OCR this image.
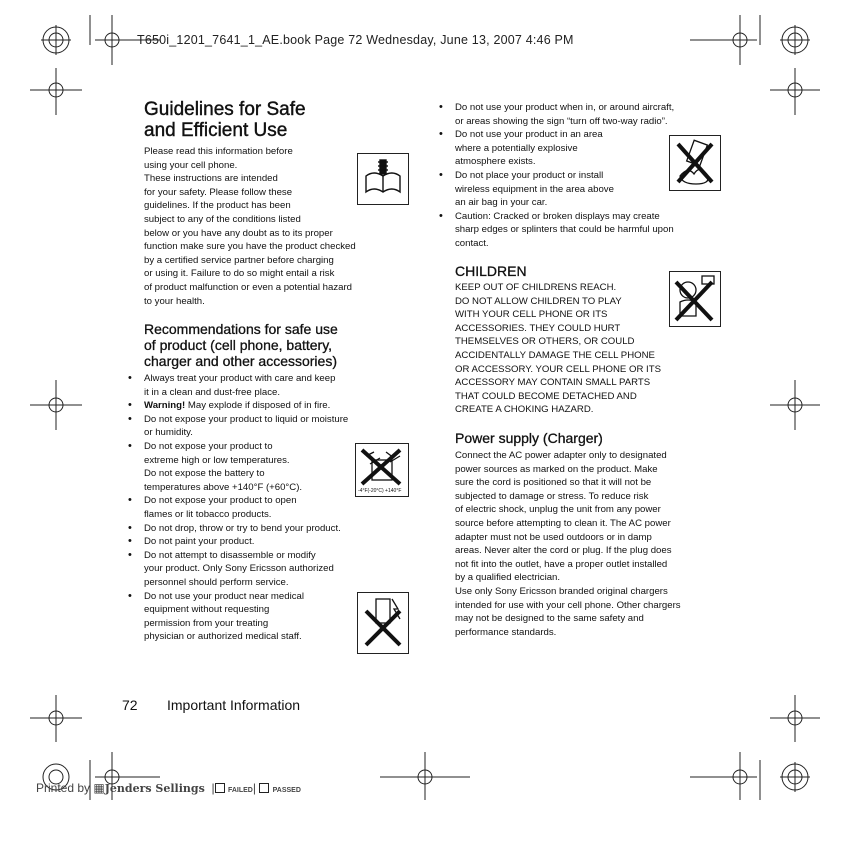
T650i_1201_7641_1_AE.book Page 72 Wednesday, June 13, 2007 4:46 PM
Guidelines for Safe
and Efficient Use

Please read this information before

using your cell phone.

These instructions are intended

for your safety. Please follow these

guidelines. If the product has been

subject to any of the conditions listed

below or you have any doubt as to its proper

function make sure you have the product checked

by a certified service partner before charging

or using it. Failure to do so might entail a risk

of product malfunction or even a potential hazard

to your health.

Recommendations for safe use
of product (cell phone, battery,
charger and other accessories)
• Always treat your product with care and keep
it in a clean and dust-free place.
• Warning! May explode if disposed of in fire.
• Do not expose your product to liquid or moisture
or humidity.
• Do not expose your product to
extreme high or low temperatures.
Do not expose the battery to
temperatures above +140°F (+60°C).
• Do not expose your product to open
flames or lit tobacco products.
• Do not drop, throw or try to bend your product.
• Do not paint your product.
• Do not attempt to disassemble or modify
your product. Only Sony Ericsson authorized
personnel should perform service.
• Do not use your product near medical
equipment without requesting
permission from your treating
physician or authorized medical staff.
-4°F(-20°C) +140°F
• Do not use your product when in, or around aircraft,
or areas showing the sign “turn off two-way radio”.
• Do not use your product in an area
where a potentially explosive
atmosphere exists.
• Do not place your product or install
wireless equipment in the area above
an air bag in your car.
• Caution: Cracked or broken displays may create
sharp edges or splinters that could be harmful upon
contact.
CHILDREN

KEEP OUT OF CHILDRENS REACH.

DO NOT ALLOW CHILDREN TO PLAY

WITH YOUR CELL PHONE OR ITS

ACCESSORIES. THEY COULD HURT

THEMSELVES OR OTHERS, OR COULD

ACCIDENTALLY DAMAGE THE CELL PHONE

OR ACCESSORY. YOUR CELL PHONE OR ITS

ACCESSORY MAY CONTAIN SMALL PARTS

THAT COULD BECOME DETACHED AND

CREATE A CHOKING HAZARD.

Power supply (Charger)

Connect the AC power adapter only to designated

power sources as marked on the product. Make

sure the cord is positioned so that it will not be

subjected to damage or stress. To reduce risk

of electric shock, unplug the unit from any power

source before attempting to clean it. The AC power

adapter must not be used outdoors or in damp

areas. Never alter the cord or plug. If the plug does

not fit into the outlet, have a proper outlet installed

by a qualified electrician.

Use only Sony Ericsson branded original chargers

intended for use with your cell phone. Other chargers

may not be designed to the same safety and

performance standards.

72 Important Information
Printed by ▦Jenders Sellings  | FAILED|  PASSED
